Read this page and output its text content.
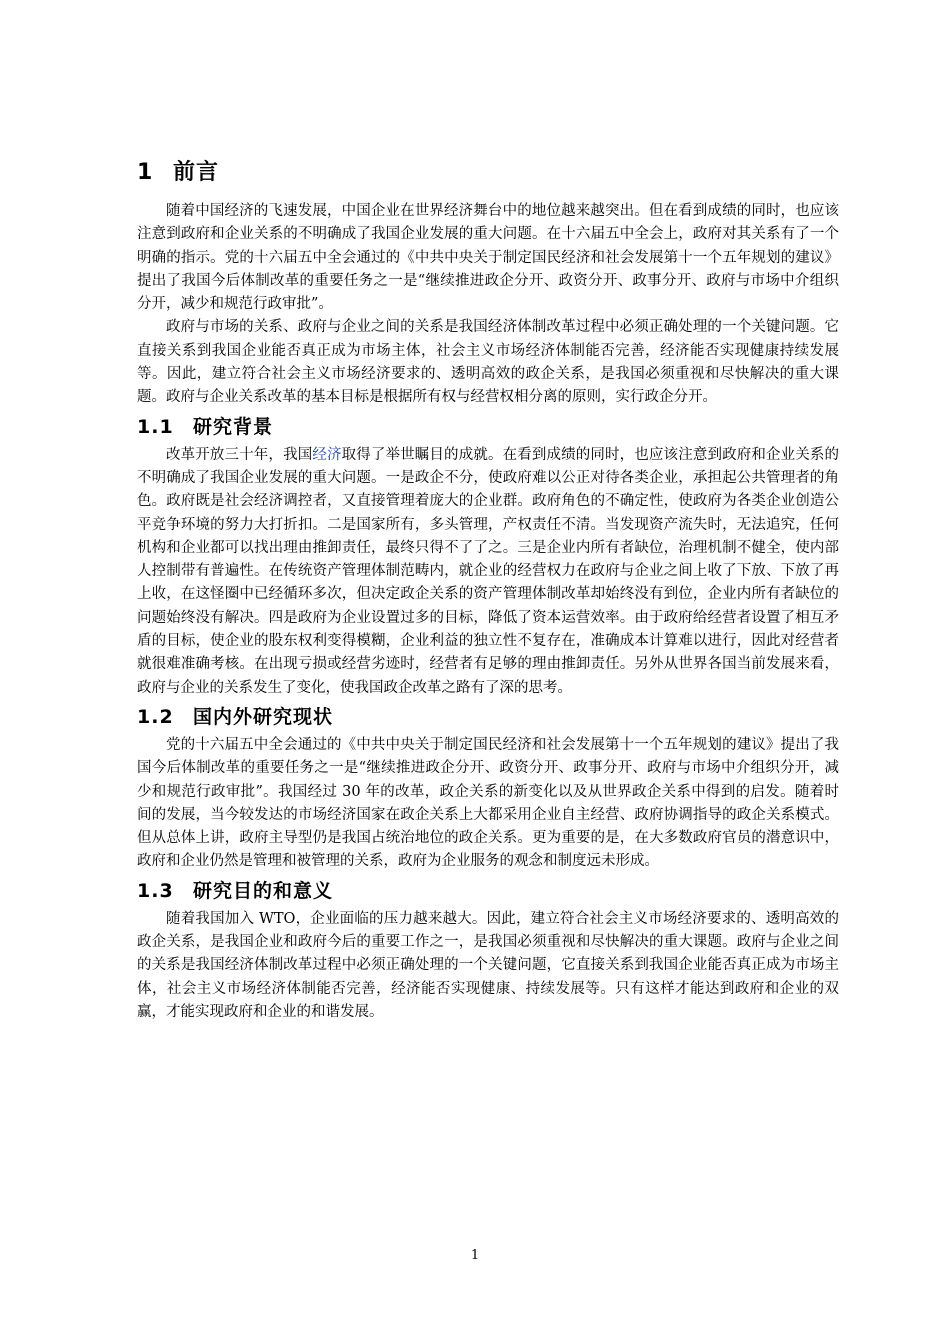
1 前言

随着中国经济的飞速发展，中国企业在世界经济舞台中的地位越来越突出。但在看到成绩的同时，也应该注意到政府和企业关系的不明确成了我国企业发展的重大问题。在十六届五中全会上，政府对其关系有了一个明确的指示。党的十六届五中全会通过的《中共中央关于制定国民经济和社会发展第十一个五年规划的建议》提出了我国今后体制改革的重要任务之一是“继续推进政企分开、政资分开、政事分开、政府与市场中介组织分开，减少和规范行政审批”。

政府与市场的关系、政府与企业之间的关系是我国经济体制改革过程中必须正确处理的一个关键问题。它直接关系到我国企业能否真正成为市场主体，社会主义市场经济体制能否完善，经济能否实现健康持续发展等。因此，建立符合社会主义市场经济要求的、透明高效的政企关系，是我国必须重视和尽快解决的重大课题。政府与企业关系改革的基本目标是根据所有权与经营权相分离的原则，实行政企分开。

1.1 研究背景

改革开放三十年，我国经济取得了举世瞩目的成就。在看到成绩的同时，也应该注意到政府和企业关系的不明确成了我国企业发展的重大问题。一是政企不分，使政府难以公正对待各类企业，承担起公共管理者的角色。政府既是社会经济调控者，又直接管理着庞大的企业群。政府角色的不确定性，使政府为各类企业创造公平竞争环境的努力大打折扣。二是国家所有，多头管理，产权责任不清。当发现资产流失时，无法追究，任何机构和企业都可以找出理由推卸责任，最终只得不了了之。三是企业内所有者缺位，治理机制不健全，使内部人控制带有普遍性。在传统资产管理体制范畴内，就企业的经营权力在政府与企业之间上收了下放、下放了再上收，在这怪圈中已经循环多次，但决定政企关系的资产管理体制改革却始终没有到位，企业内所有者缺位的问题始终没有解决。四是政府为企业设置过多的目标，降低了资本运营效率。由于政府给经营者设置了相互矛盾的目标，使企业的股东权利变得模糊，企业利益的独立性不复存在，准确成本计算难以进行，因此对经营者就很难准确考核。在出现亏损或经营劣迹时，经营者有足够的理由推卸责任。另外从世界各国当前发展来看，政府与企业的关系发生了变化，使我国政企改革之路有了深的思考。

1.2 国内外研究现状

党的十六届五中全会通过的《中共中央关于制定国民经济和社会发展第十一个五年规划的建议》提出了我国今后体制改革的重要任务之一是“继续推进政企分开、政资分开、政事分开、政府与市场中介组织分开，减少和规范行政审批”。我国经过 30 年的改革，政企关系的新变化以及从世界政企关系中得到的启发。随着时间的发展，当今较发达的市场经济国家在政企关系上大都采用企业自主经营、政府协调指导的政企关系模式。但从总体上讲，政府主导型仍是我国占统治地位的政企关系。更为重要的是，在大多数政府官员的潜意识中，政府和企业仍然是管理和被管理的关系，政府为企业服务的观念和制度远未形成。

1.3 研究目的和意义

随着我国加入 WTO，企业面临的压力越来越大。因此，建立符合社会主义市场经济要求的、透明高效的政企关系，是我国企业和政府今后的重要工作之一，是我国必须重视和尽快解决的重大课题。政府与企业之间的关系是我国经济体制改革过程中必须正确处理的一个关键问题，它直接关系到我国企业能否真正成为市场主体，社会主义市场经济体制能否完善，经济能否实现健康、持续发展等。只有这样才能达到政府和企业的双赢，才能实现政府和企业的和谐发展。

1
